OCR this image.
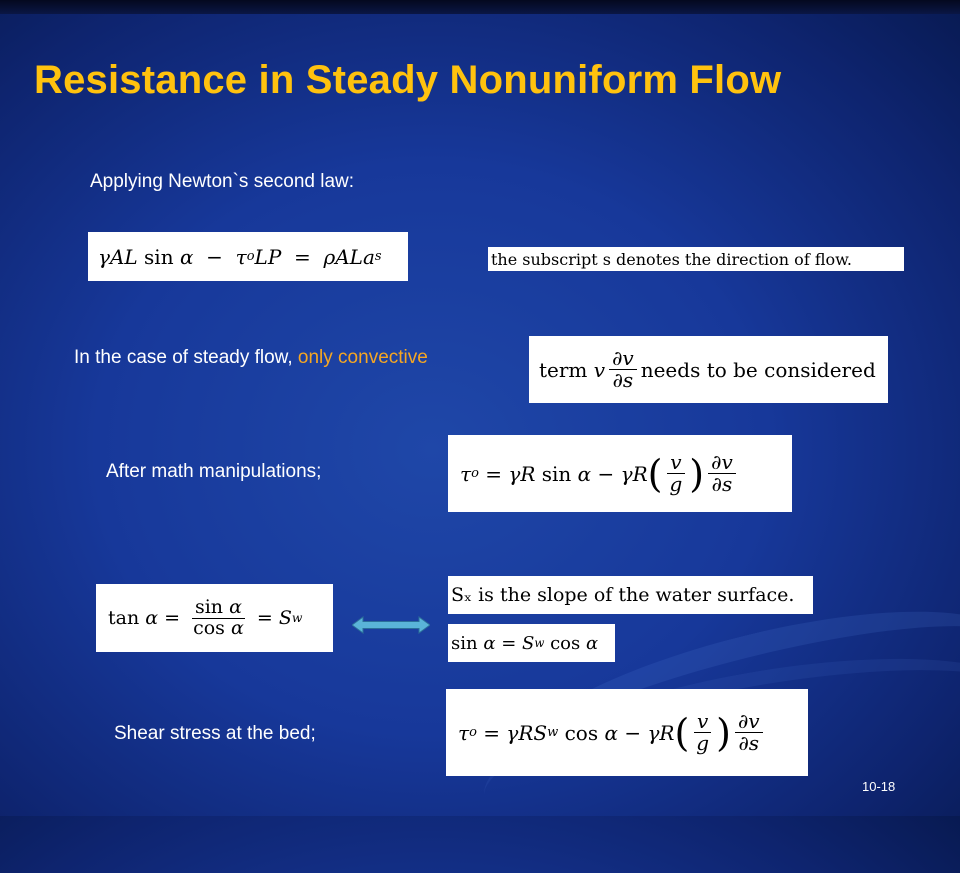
Resistance in Steady Nonuniform Flow
Applying Newton`s second law:
γAL sin α  −  τ o LP  =  ρALa s	the subscript s denotes the direction of flow.
In the case of steady flow, only convective	term
v $\frac{\partial v}{\partial s}$ needs to be considered
After math manipulations;	τ o = γR sin α − γR ( $\frac{v}{g}$ ) $\frac{\partial v}{\partial s}$
$\tan \alpha = \frac{\text{sin α}}{\text{cos α}} = S$ w
Sₓ is the slope of the water surface.
sin α = S w cos α
Shear stress at the bed;	τ o = γRS w cos α − γR ( $\frac{v}{g}$ ) $\frac{\partial v}{\partial s}$
10-18
